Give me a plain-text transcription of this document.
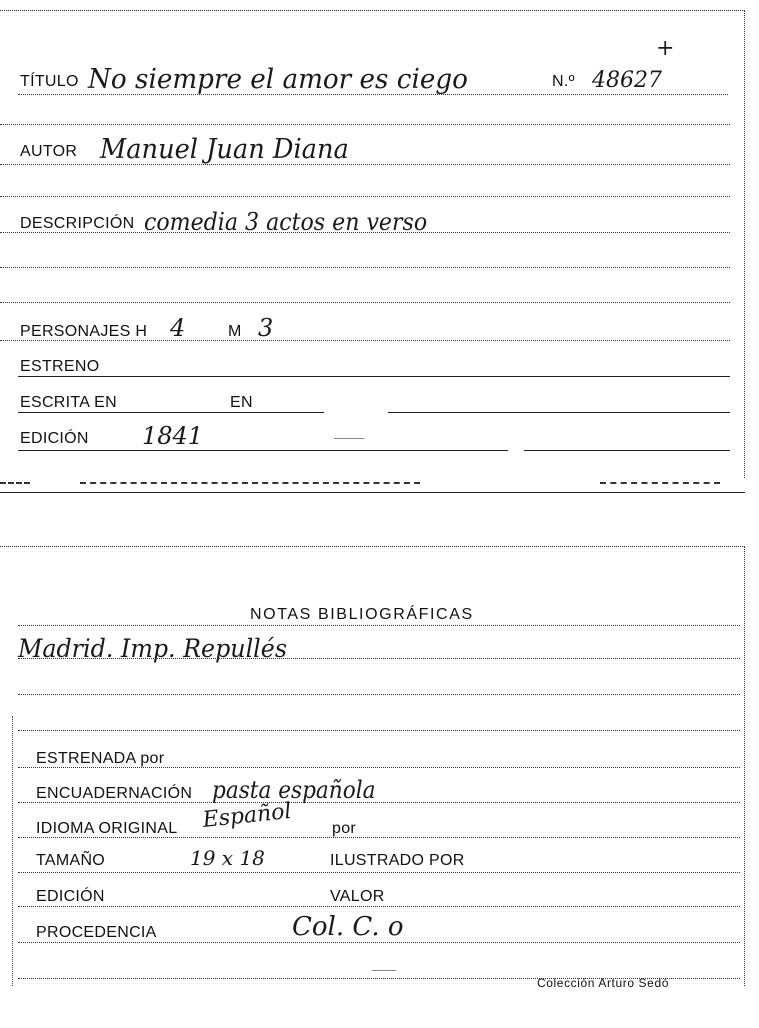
+
TÍTULO No siempre el amor es ciego	N.º 48627
AUTOR Manuel Juan Diana
DESCRIPCIÓN comedia 3 actos en verso
PERSONAJES H 4	M 3
ESTRENO
ESCRITA EN	EN
EDICIÓN 1841
NOTAS BIBLIOGRÁFICAS
Madrid. Imp. Repullés
ESTRENADA por
ENCUADERNACIÓN pasta española
IDIOMA ORIGINAL Español por
TAMAÑO	19 x 18	ILUSTRADO POR
EDICIÓN	VALOR
PROCEDENCIA	Col. C. o
Colección Arturo Sedó
